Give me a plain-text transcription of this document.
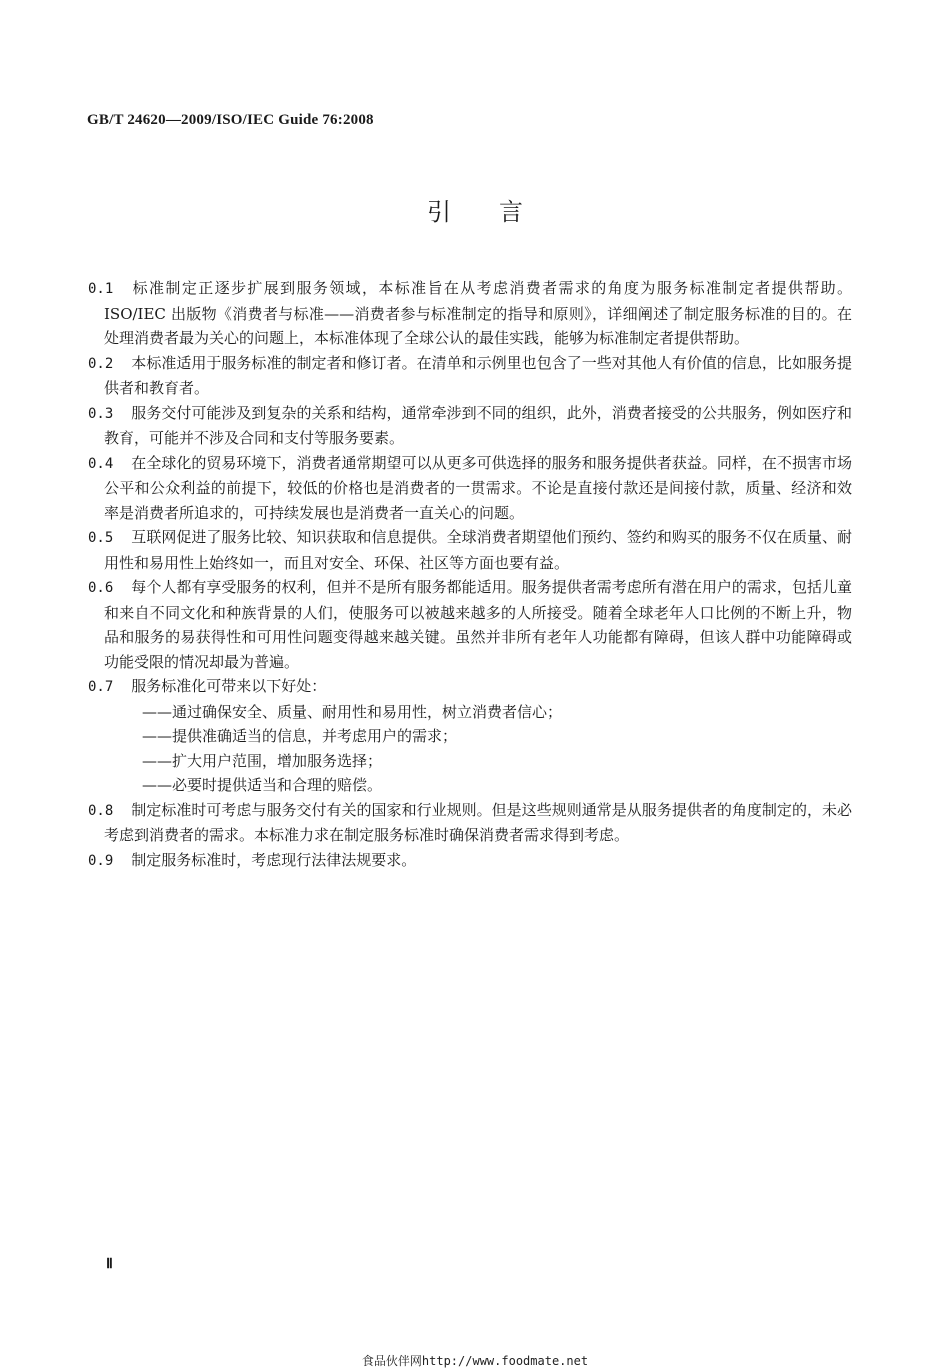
GB/T 24620—2009/ISO/IEC Guide 76:2008
引言

0.1 标准制定正逐步扩展到服务领域，本标准旨在从考虑消费者需求的角度为服务标准制定者提供帮助。ISO/IEC 出版物《消费者与标准——消费者参与标准制定的指导和原则》，详细阐述了制定服务标准的目的。在处理消费者最为关心的问题上，本标准体现了全球公认的最佳实践，能够为标准制定者提供帮助。

0.2 本标准适用于服务标准的制定者和修订者。在清单和示例里也包含了一些对其他人有价值的信息，比如服务提供者和教育者。

0.3 服务交付可能涉及到复杂的关系和结构，通常牵涉到不同的组织，此外，消费者接受的公共服务，例如医疗和教育，可能并不涉及合同和支付等服务要素。

0.4 在全球化的贸易环境下，消费者通常期望可以从更多可供选择的服务和服务提供者获益。同样，在不损害市场公平和公众利益的前提下，较低的价格也是消费者的一贯需求。不论是直接付款还是间接付款，质量、经济和效率是消费者所追求的，可持续发展也是消费者一直关心的问题。

0.5 互联网促进了服务比较、知识获取和信息提供。全球消费者期望他们预约、签约和购买的服务不仅在质量、耐用性和易用性上始终如一，而且对安全、环保、社区等方面也要有益。

0.6 每个人都有享受服务的权利，但并不是所有服务都能适用。服务提供者需考虑所有潜在用户的需求，包括儿童和来自不同文化和种族背景的人们，使服务可以被越来越多的人所接受。随着全球老年人口比例的不断上升，物品和服务的易获得性和可用性问题变得越来越关键。虽然并非所有老年人功能都有障碍，但该人群中功能障碍或功能受限的情况却最为普遍。

0.7 服务标准化可带来以下好处：

——通过确保安全、质量、耐用性和易用性，树立消费者信心；

——提供准确适当的信息，并考虑用户的需求；

——扩大用户范围，增加服务选择；

——必要时提供适当和合理的赔偿。

0.8 制定标准时可考虑与服务交付有关的国家和行业规则。但是这些规则通常是从服务提供者的角度制定的，未必考虑到消费者的需求。本标准力求在制定服务标准时确保消费者需求得到考虑。

0.9 制定服务标准时，考虑现行法律法规要求。

Ⅱ
食品伙伴网http://www.foodmate.net
